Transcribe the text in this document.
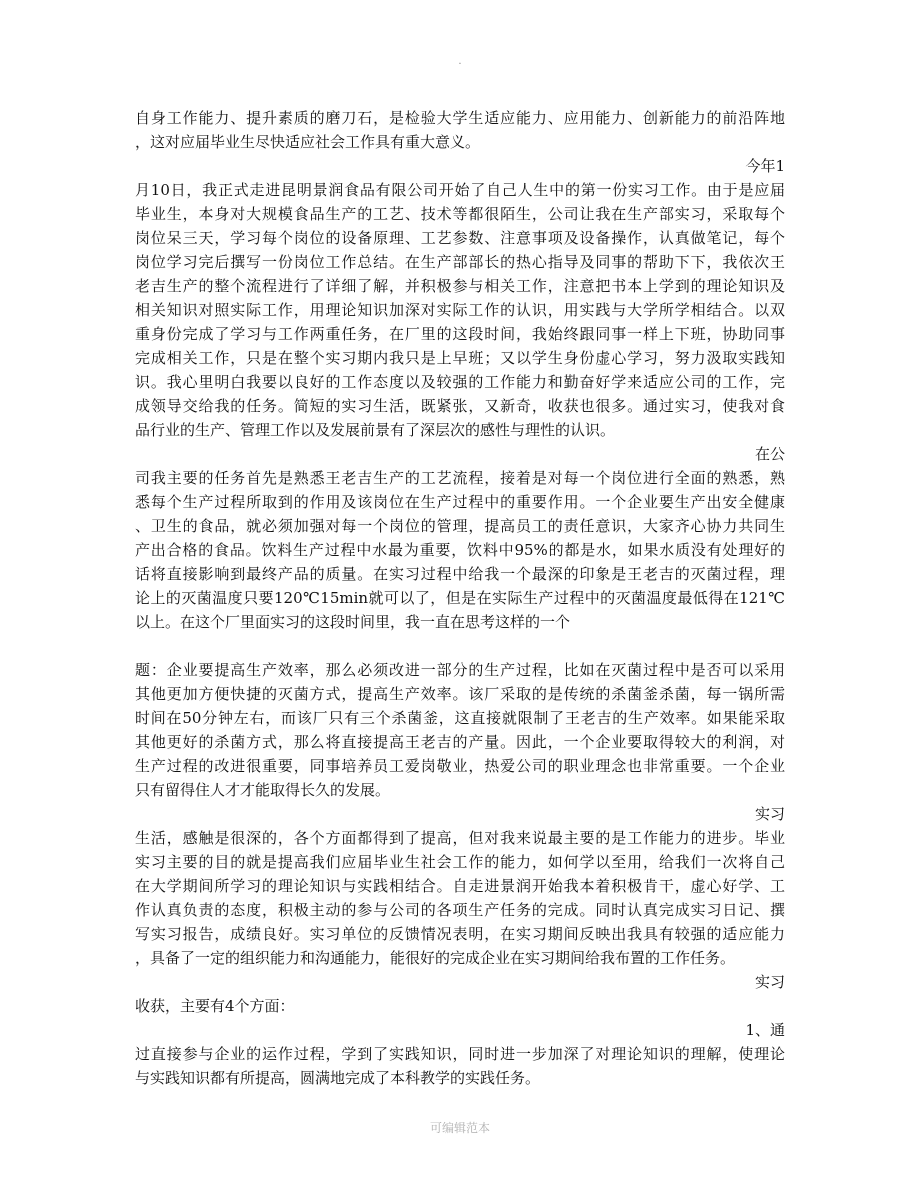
.
自身工作能力、提升素质的磨刀石，是检验大学生适应能力、应用能力、创新能力的前沿阵地
，这对应届毕业生尽快适应社会工作具有重大意义。
今年1
月10日，我正式走进昆明景润食品有限公司开始了自己人生中的第一份实习工作。由于是应届
毕业生，本身对大规模食品生产的工艺、技术等都很陌生，公司让我在生产部实习，采取每个
岗位呆三天，学习每个岗位的设备原理、工艺参数、注意事项及设备操作，认真做笔记，每个
岗位学习完后撰写一份岗位工作总结。在生产部部长的热心指导及同事的帮助下下，我依次王
老吉生产的整个流程进行了详细了解，并积极参与相关工作，注意把书本上学到的理论知识及
相关知识对照实际工作，用理论知识加深对实际工作的认识，用实践与大学所学相结合。以双
重身份完成了学习与工作两重任务，在厂里的这段时间，我始终跟同事一样上下班，协助同事
完成相关工作，只是在整个实习期内我只是上早班；又以学生身份虚心学习，努力汲取实践知
识。我心里明白我要以良好的工作态度以及较强的工作能力和勤奋好学来适应公司的工作，完
成领导交给我的任务。简短的实习生活，既紧张，又新奇，收获也很多。通过实习，使我对食
品行业的生产、管理工作以及发展前景有了深层次的感性与理性的认识。
在公
司我主要的任务首先是熟悉王老吉生产的工艺流程，接着是对每一个岗位进行全面的熟悉，熟
悉每个生产过程所取到的作用及该岗位在生产过程中的重要作用。一个企业要生产出安全健康
、卫生的食品，就必须加强对每一个岗位的管理，提高员工的责任意识，大家齐心协力共同生
产出合格的食品。饮料生产过程中水最为重要，饮料中95%的都是水，如果水质没有处理好的
话将直接影响到最终产品的质量。在实习过程中给我一个最深的印象是王老吉的灭菌过程，理
论上的灭菌温度只要120℃15min就可以了，但是在实际生产过程中的灭菌温度最低得在121℃
以上。在这个厂里面实习的这段时间里，我一直在思考这样的一个
题：企业要提高生产效率，那么必须改进一部分的生产过程，比如在灭菌过程中是否可以采用
其他更加方便快捷的灭菌方式，提高生产效率。该厂采取的是传统的杀菌釜杀菌，每一锅所需
时间在50分钟左右，而该厂只有三个杀菌釜，这直接就限制了王老吉的生产效率。如果能采取
其他更好的杀菌方式，那么将直接提高王老吉的产量。因此，一个企业要取得较大的利润，对
生产过程的改进很重要，同事培养员工爱岗敬业，热爱公司的职业理念也非常重要。一个企业
只有留得住人才才能取得长久的发展。
实习
生活，感触是很深的，各个方面都得到了提高，但对我来说最主要的是工作能力的进步。毕业
实习主要的目的就是提高我们应届毕业生社会工作的能力，如何学以至用，给我们一次将自己
在大学期间所学习的理论知识与实践相结合。自走进景润开始我本着积极肯干，虚心好学、工
作认真负责的态度，积极主动的参与公司的各项生产任务的完成。同时认真完成实习日记、撰
写实习报告，成绩良好。实习单位的反馈情况表明，在实习期间反映出我具有较强的适应能力
，具备了一定的组织能力和沟通能力，能很好的完成企业在实习期间给我布置的工作任务。
实习
收获，主要有4个方面：
1、通
过直接参与企业的运作过程，学到了实践知识，同时进一步加深了对理论知识的理解，使理论
与实践知识都有所提高，圆满地完成了本科教学的实践任务。
可编辑范本
